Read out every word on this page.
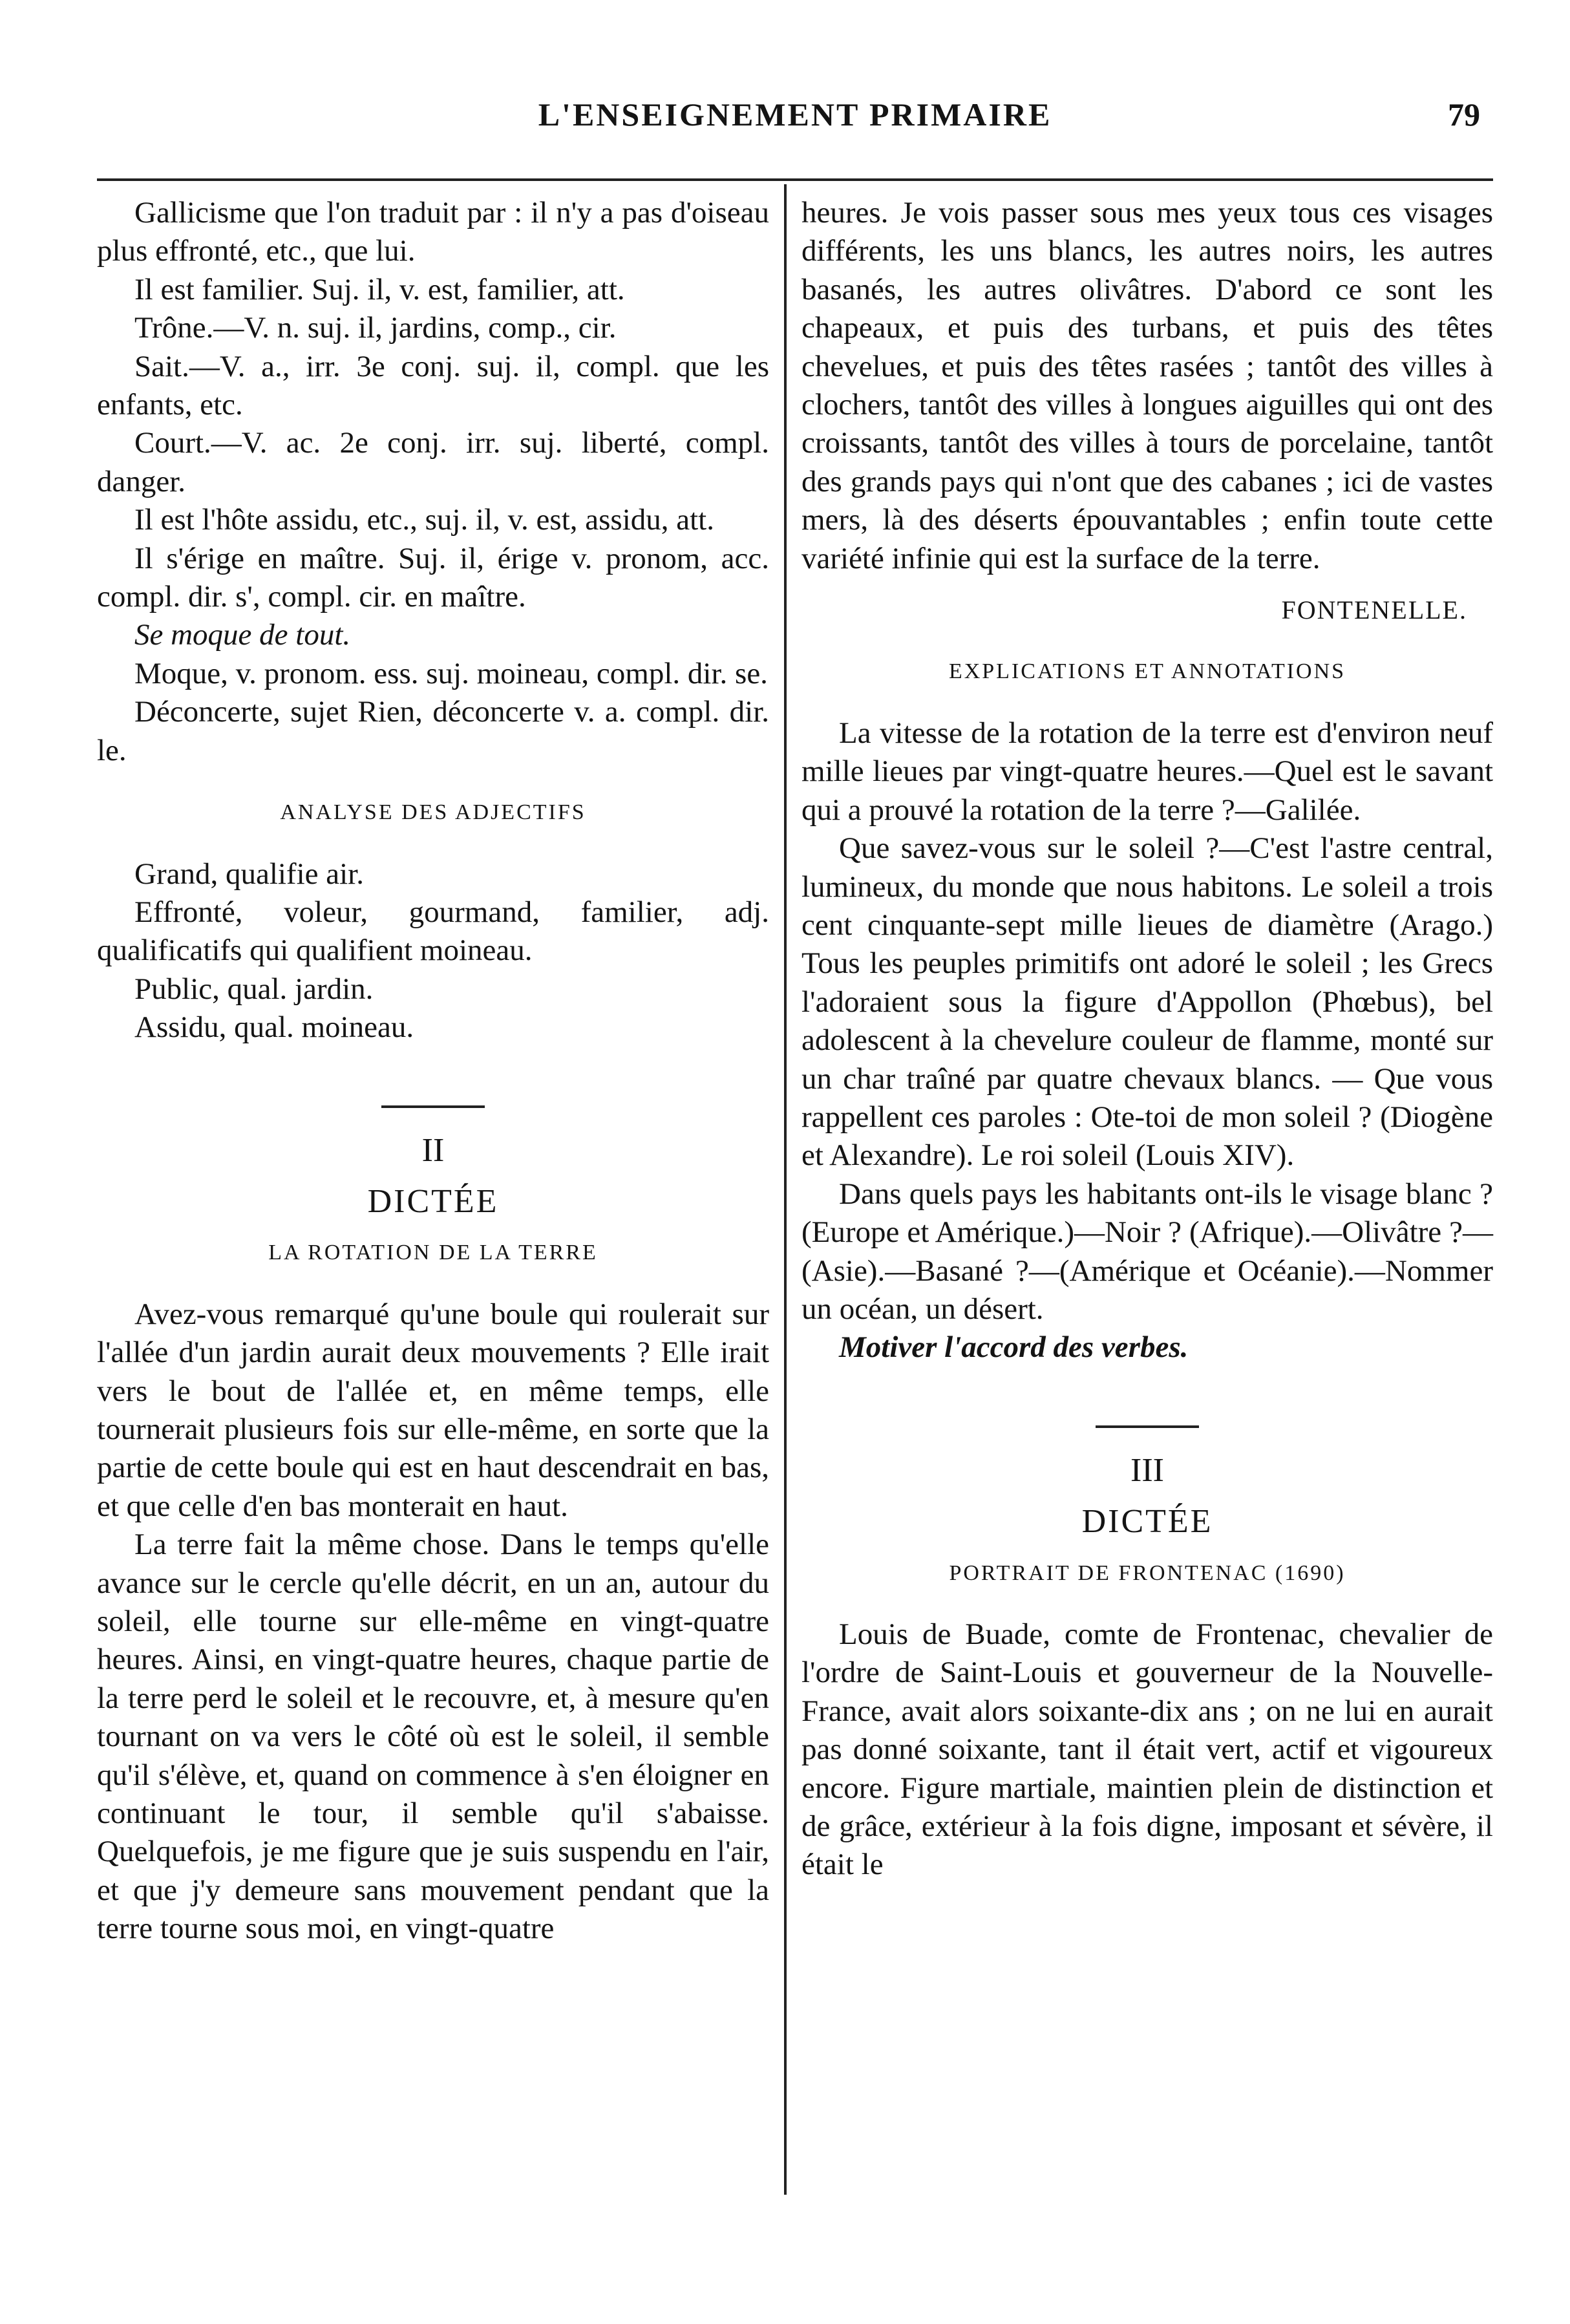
L'ENSEIGNEMENT PRIMAIRE	79

Gallicisme que l'on traduit par : il n'y a pas d'oiseau plus effronté, etc., que lui.

Il est familier. Suj. il, v. est, familier, att.

Trône.—V. n. suj. il, jardins, comp., cir.

Sait.—V. a., irr. 3e conj. suj. il, compl. que les enfants, etc.

Court.—V. ac. 2e conj. irr. suj. liberté, compl. danger.

Il est l'hôte assidu, etc., suj. il, v. est, assidu, att.

Il s'érige en maître. Suj. il, érige v. pronom, acc. compl. dir. s', compl. cir. en maître.

Se moque de tout.

Moque, v. pronom. ess. suj. moineau, compl. dir. se.

Déconcerte, sujet Rien, déconcerte v. a. compl. dir. le.

ANALYSE DES ADJECTIFS

Grand, qualifie air.

Effronté, voleur, gourmand, familier, adj. qualificatifs qui qualifient moineau.

Public, qual. jardin.

Assidu, qual. moineau.

II

DICTÉE

LA ROTATION DE LA TERRE

Avez-vous remarqué qu'une boule qui roulerait sur l'allée d'un jardin aurait deux mouvements ? Elle irait vers le bout de l'allée et, en même temps, elle tournerait plusieurs fois sur elle-même, en sorte que la partie de cette boule qui est en haut descendrait en bas, et que celle d'en bas monterait en haut.

La terre fait la même chose. Dans le temps qu'elle avance sur le cercle qu'elle décrit, en un an, autour du soleil, elle tourne sur elle-même en vingt-quatre heures. Ainsi, en vingt-quatre heures, chaque partie de la terre perd le soleil et le recouvre, et, à mesure qu'en tournant on va vers le côté où est le soleil, il semble qu'il s'élève, et, quand on commence à s'en éloigner en continuant le tour, il semble qu'il s'abaisse. Quelquefois, je me figure que je suis suspendu en l'air, et que j'y demeure sans mouvement pendant que la terre tourne sous moi, en vingt-quatre

heures. Je vois passer sous mes yeux tous ces visages différents, les uns blancs, les autres noirs, les autres basanés, les autres olivâtres. D'abord ce sont les chapeaux, et puis des turbans, et puis des têtes chevelues, et puis des têtes rasées ; tantôt des villes à clochers, tantôt des villes à longues aiguilles qui ont des croissants, tantôt des villes à tours de porcelaine, tantôt des grands pays qui n'ont que des cabanes ; ici de vastes mers, là des déserts épouvantables ; enfin toute cette variété infinie qui est la surface de la terre.

FONTENELLE.

EXPLICATIONS ET ANNOTATIONS

La vitesse de la rotation de la terre est d'environ neuf mille lieues par vingt-quatre heures.—Quel est le savant qui a prouvé la rotation de la terre ?—Galilée.

Que savez-vous sur le soleil ?—C'est l'astre central, lumineux, du monde que nous habitons. Le soleil a trois cent cinquante-sept mille lieues de diamètre (Arago.) Tous les peuples primitifs ont adoré le soleil ; les Grecs l'adoraient sous la figure d'Appollon (Phœbus), bel adolescent à la chevelure couleur de flamme, monté sur un char traîné par quatre chevaux blancs. — Que vous rappellent ces paroles : Ote-toi de mon soleil ? (Diogène et Alexandre). Le roi soleil (Louis XIV).

Dans quels pays les habitants ont-ils le visage blanc ? (Europe et Amérique.)—Noir ? (Afrique).—Olivâtre ?—(Asie).—Basané ?—(Amérique et Océanie).—Nommer un océan, un désert.

Motiver l'accord des verbes.

III

DICTÉE

PORTRAIT DE FRONTENAC (1690)

Louis de Buade, comte de Frontenac, chevalier de l'ordre de Saint-Louis et gouverneur de la Nouvelle-France, avait alors soixante-dix ans ; on ne lui en aurait pas donné soixante, tant il était vert, actif et vigoureux encore. Figure martiale, maintien plein de distinction et de grâce, extérieur à la fois digne, imposant et sévère, il était le
